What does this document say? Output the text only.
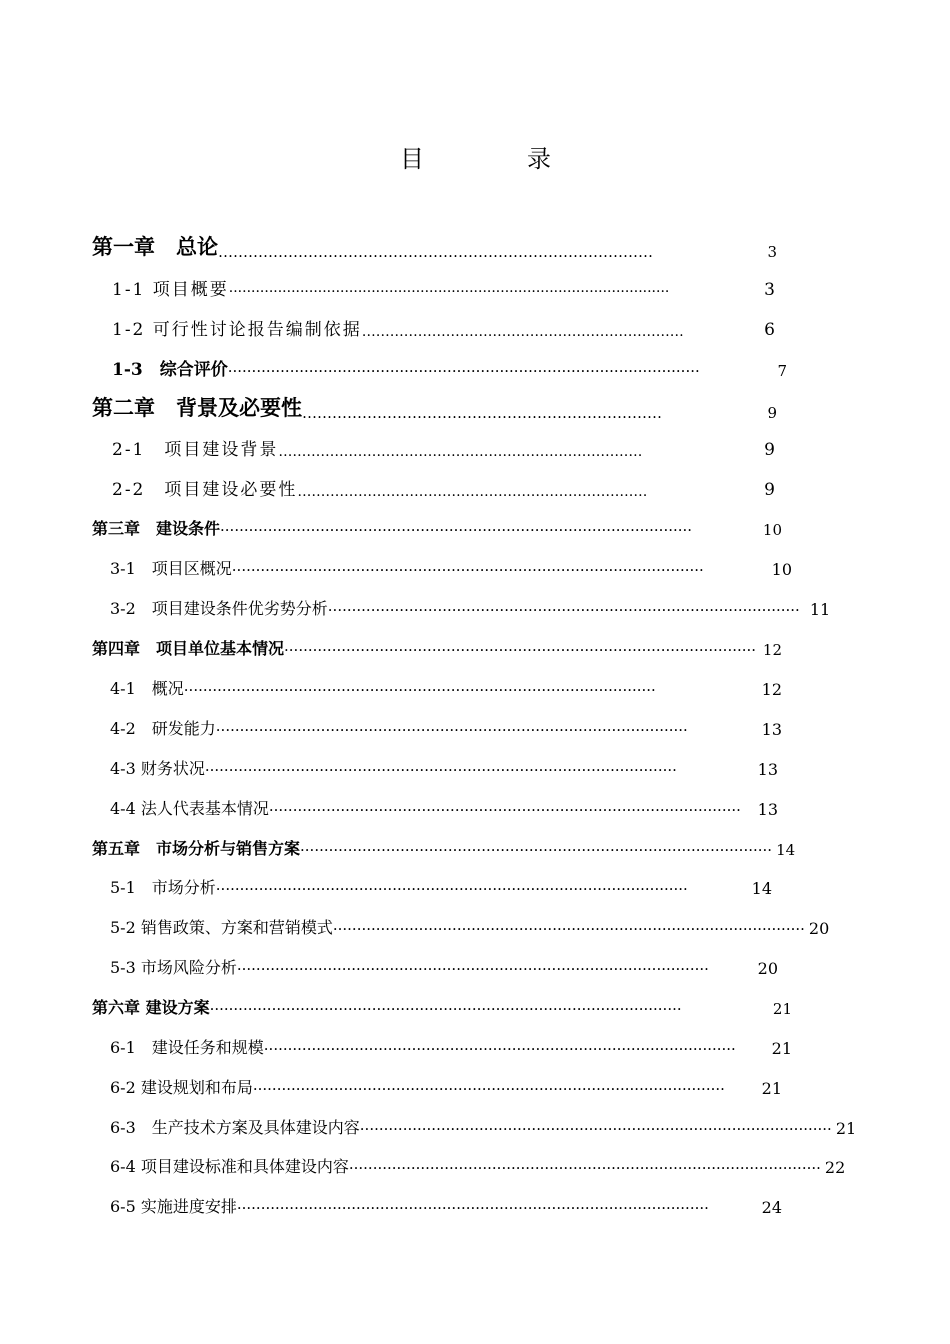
目	录
第一章　总论 ……………………………………………………………………………	3
1-1 项目概要 ···································································································	3
1-2 可行性讨论报告编制依据 ……………………………………………………………	6
1-3　综合评价 ···································································································	7
第二章　背景及必要性 ………………………………………………………………	9
2-1　项目建设背景 ……………………………………………………………………	9
2-2　项目建设必要性 …………………………………………………………………	9
第三章　建设条件 ···································································································	10
3-1　项目区概况 ···································································································	10
3-2　项目建设条件优劣势分析 ··································································································· 11
第四章　项目单位基本情况 ··································································································· 12
4-1　概况 ···································································································	12
4-2　研发能力 ···································································································	13
4-3 财务状况 ···································································································	13
4-4 法人代表基本情况 ···································································································	13
第五章　市场分析与销售方案 ··································································································· 14
5-1　市场分析 ···································································································	14
5-2 销售政策、方案和营销模式 ··································································································· 20
5-3 市场风险分析 ···································································································	20
第六章 建设方案 ···································································································	21
6-1　建设任务和规模 ···································································································	21
6-2 建设规划和布局 ···································································································	21
6-3　生产技术方案及具体建设内容 ··································································································· 21
6-4 项目建设标准和具体建设内容 ··································································································· 22
6-5 实施进度安排 ···································································································	24
